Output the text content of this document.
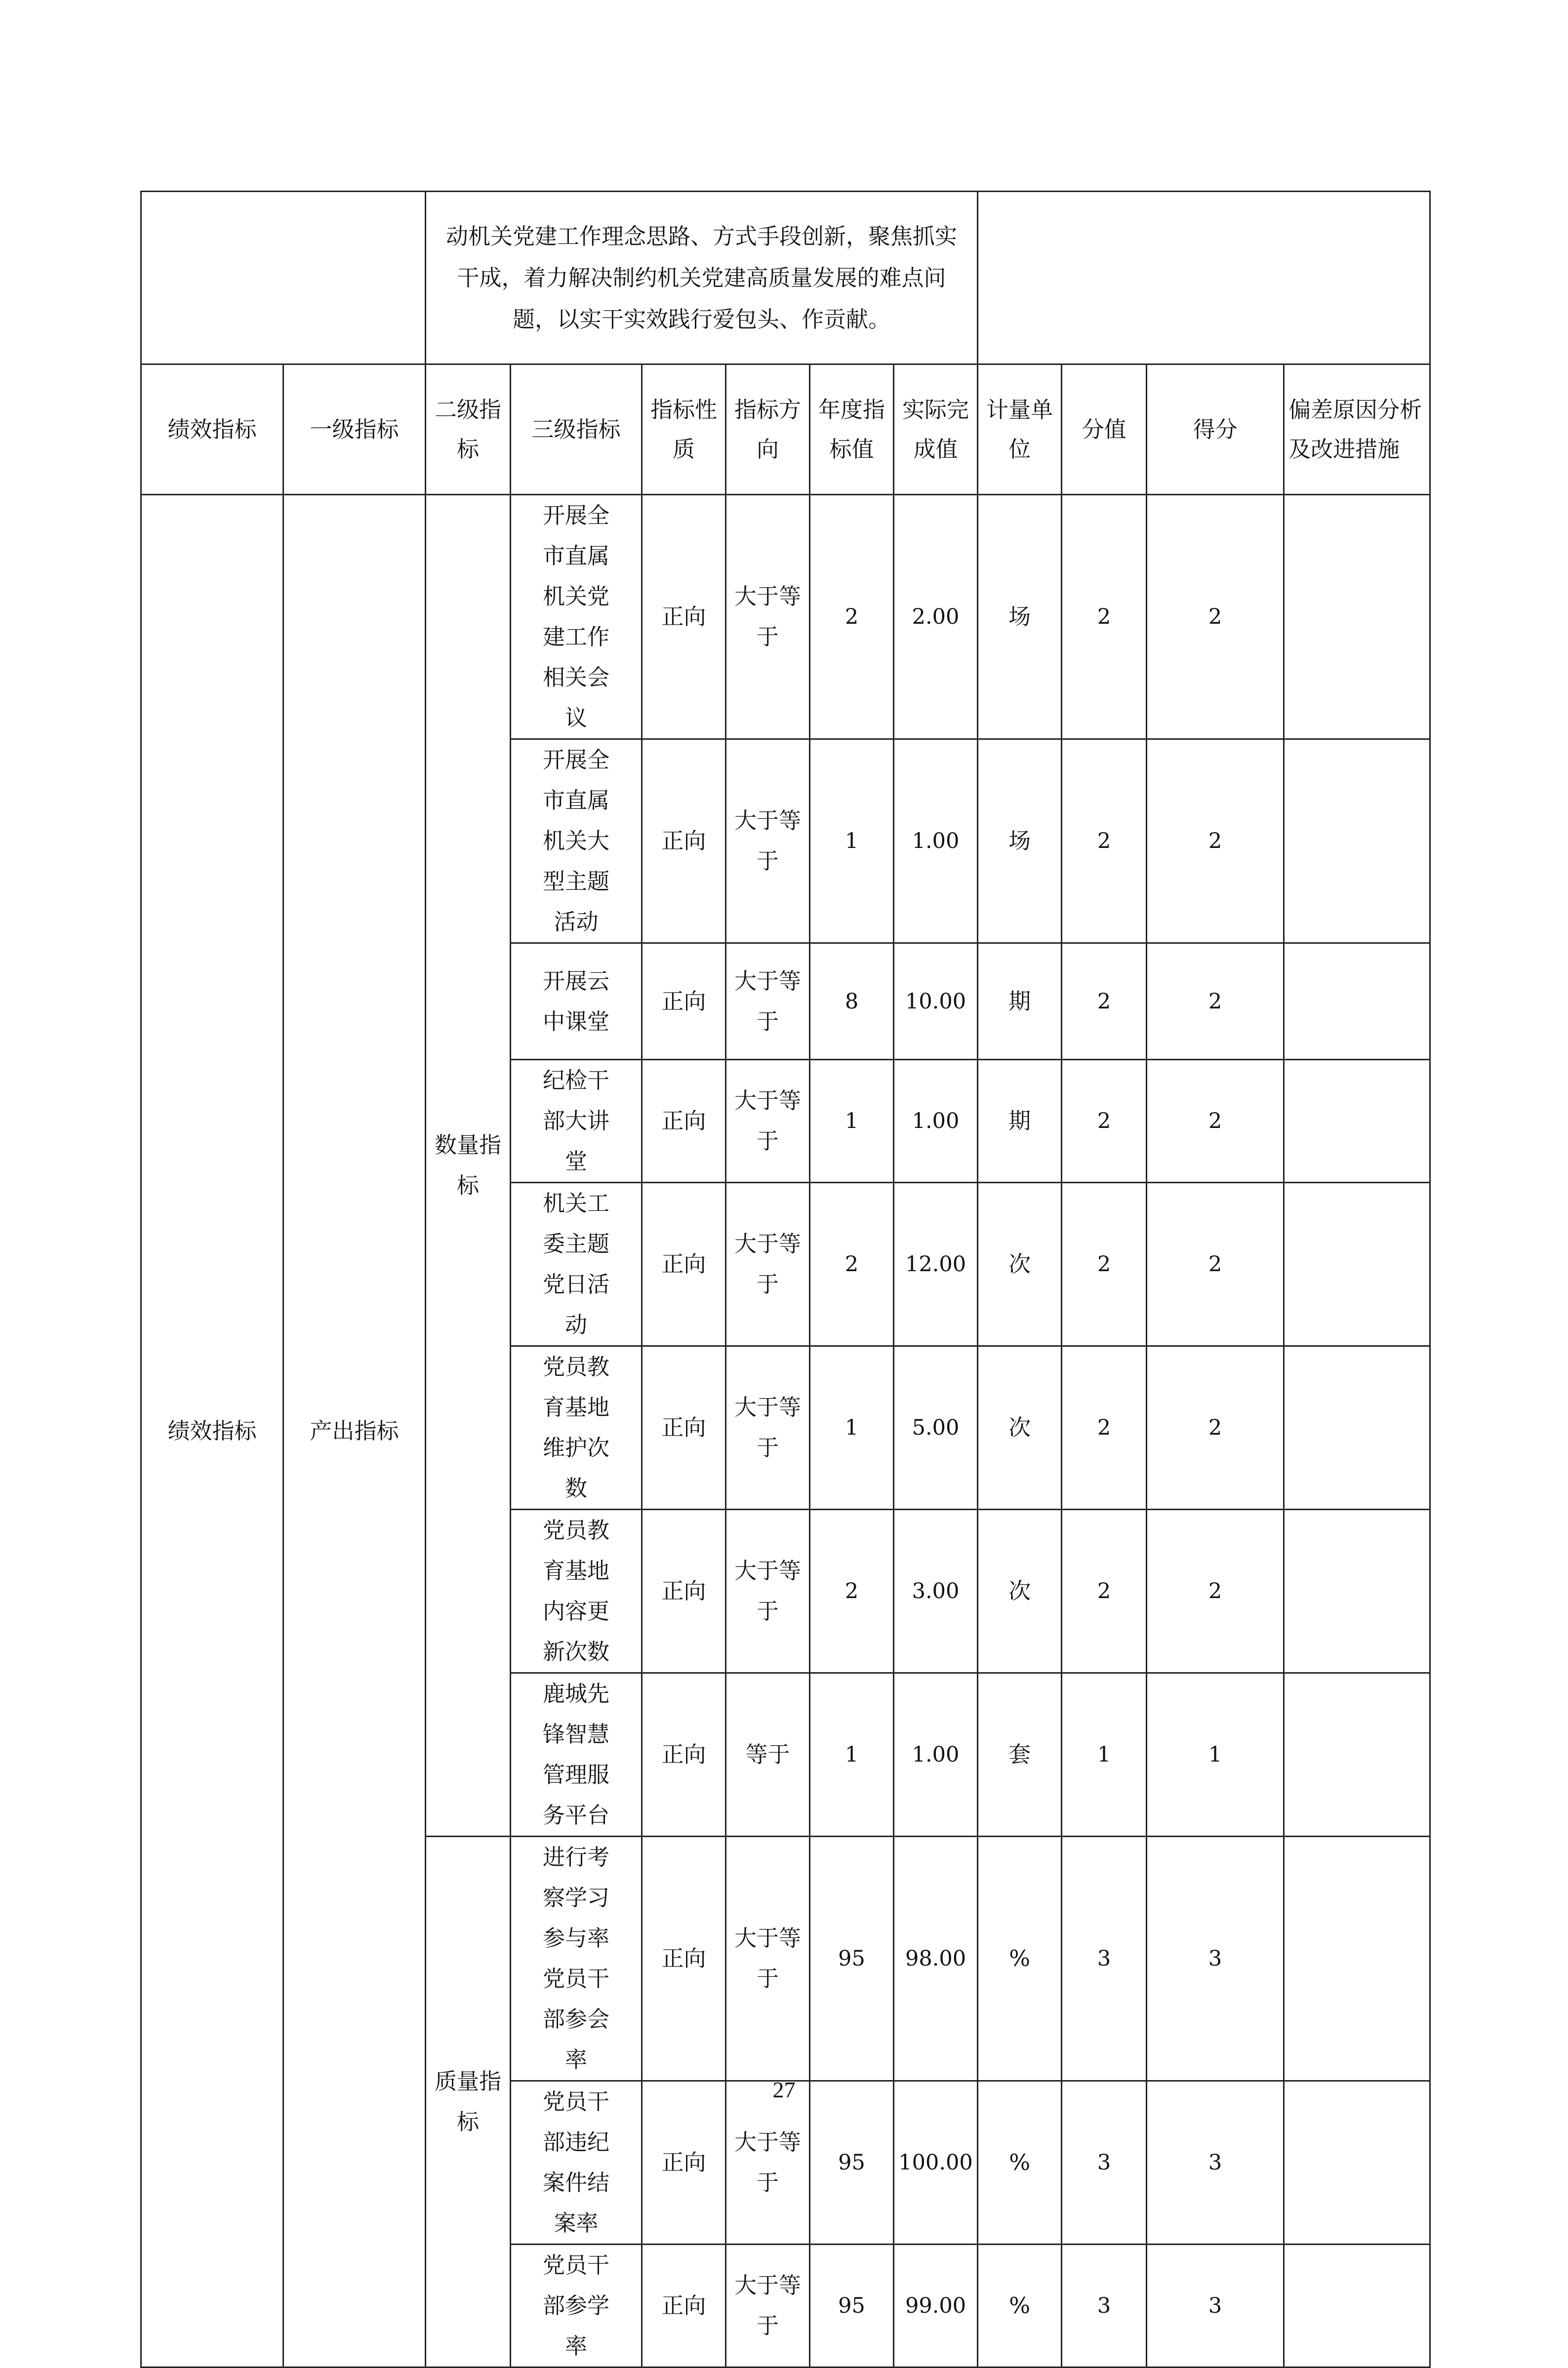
		动机关党建工作理念思路、方式手段创新，聚焦抓实干成，着力解决制约机关党建高质量发展的难点问题，以实干实效践行爱包头、作贡献。									
绩效指标	一级指标	二级指标	三级指标	指标性质	指标方向	年度指标值	实际完成值	计量单位	分值	得分	偏差原因分析及改进措施
绩效指标	产出指标	数量指标	开展全市直属机关党建工作相关会议	正向	大于等于	2	2.00	场	2	2	
			开展全市直属机关大型主题活动	正向	大于等于	1	1.00	场	2	2	
			开展云中课堂	正向	大于等于	8	10.00	期	2	2	
			纪检干部大讲堂	正向	大于等于	1	1.00	期	2	2	
			机关工委主题党日活动	正向	大于等于	2	12.00	次	2	2	
			党员教育基地维护次数	正向	大于等于	1	5.00	次	2	2	
			党员教育基地内容更新次数	正向	大于等于	2	3.00	次	2	2	
			鹿城先锋智慧管理服务平台	正向	等于	1	1.00	套	1	1	
		质量指标	进行考察学习参与率党员干部参会率	正向	大于等于	95	98.00	%	3	3	
			党员干部违纪案件结案率	正向	大于等于	95	100.00	%	3	3	
			党员干部参学率	正向	大于等于	95	99.00	%	3	3	
27
